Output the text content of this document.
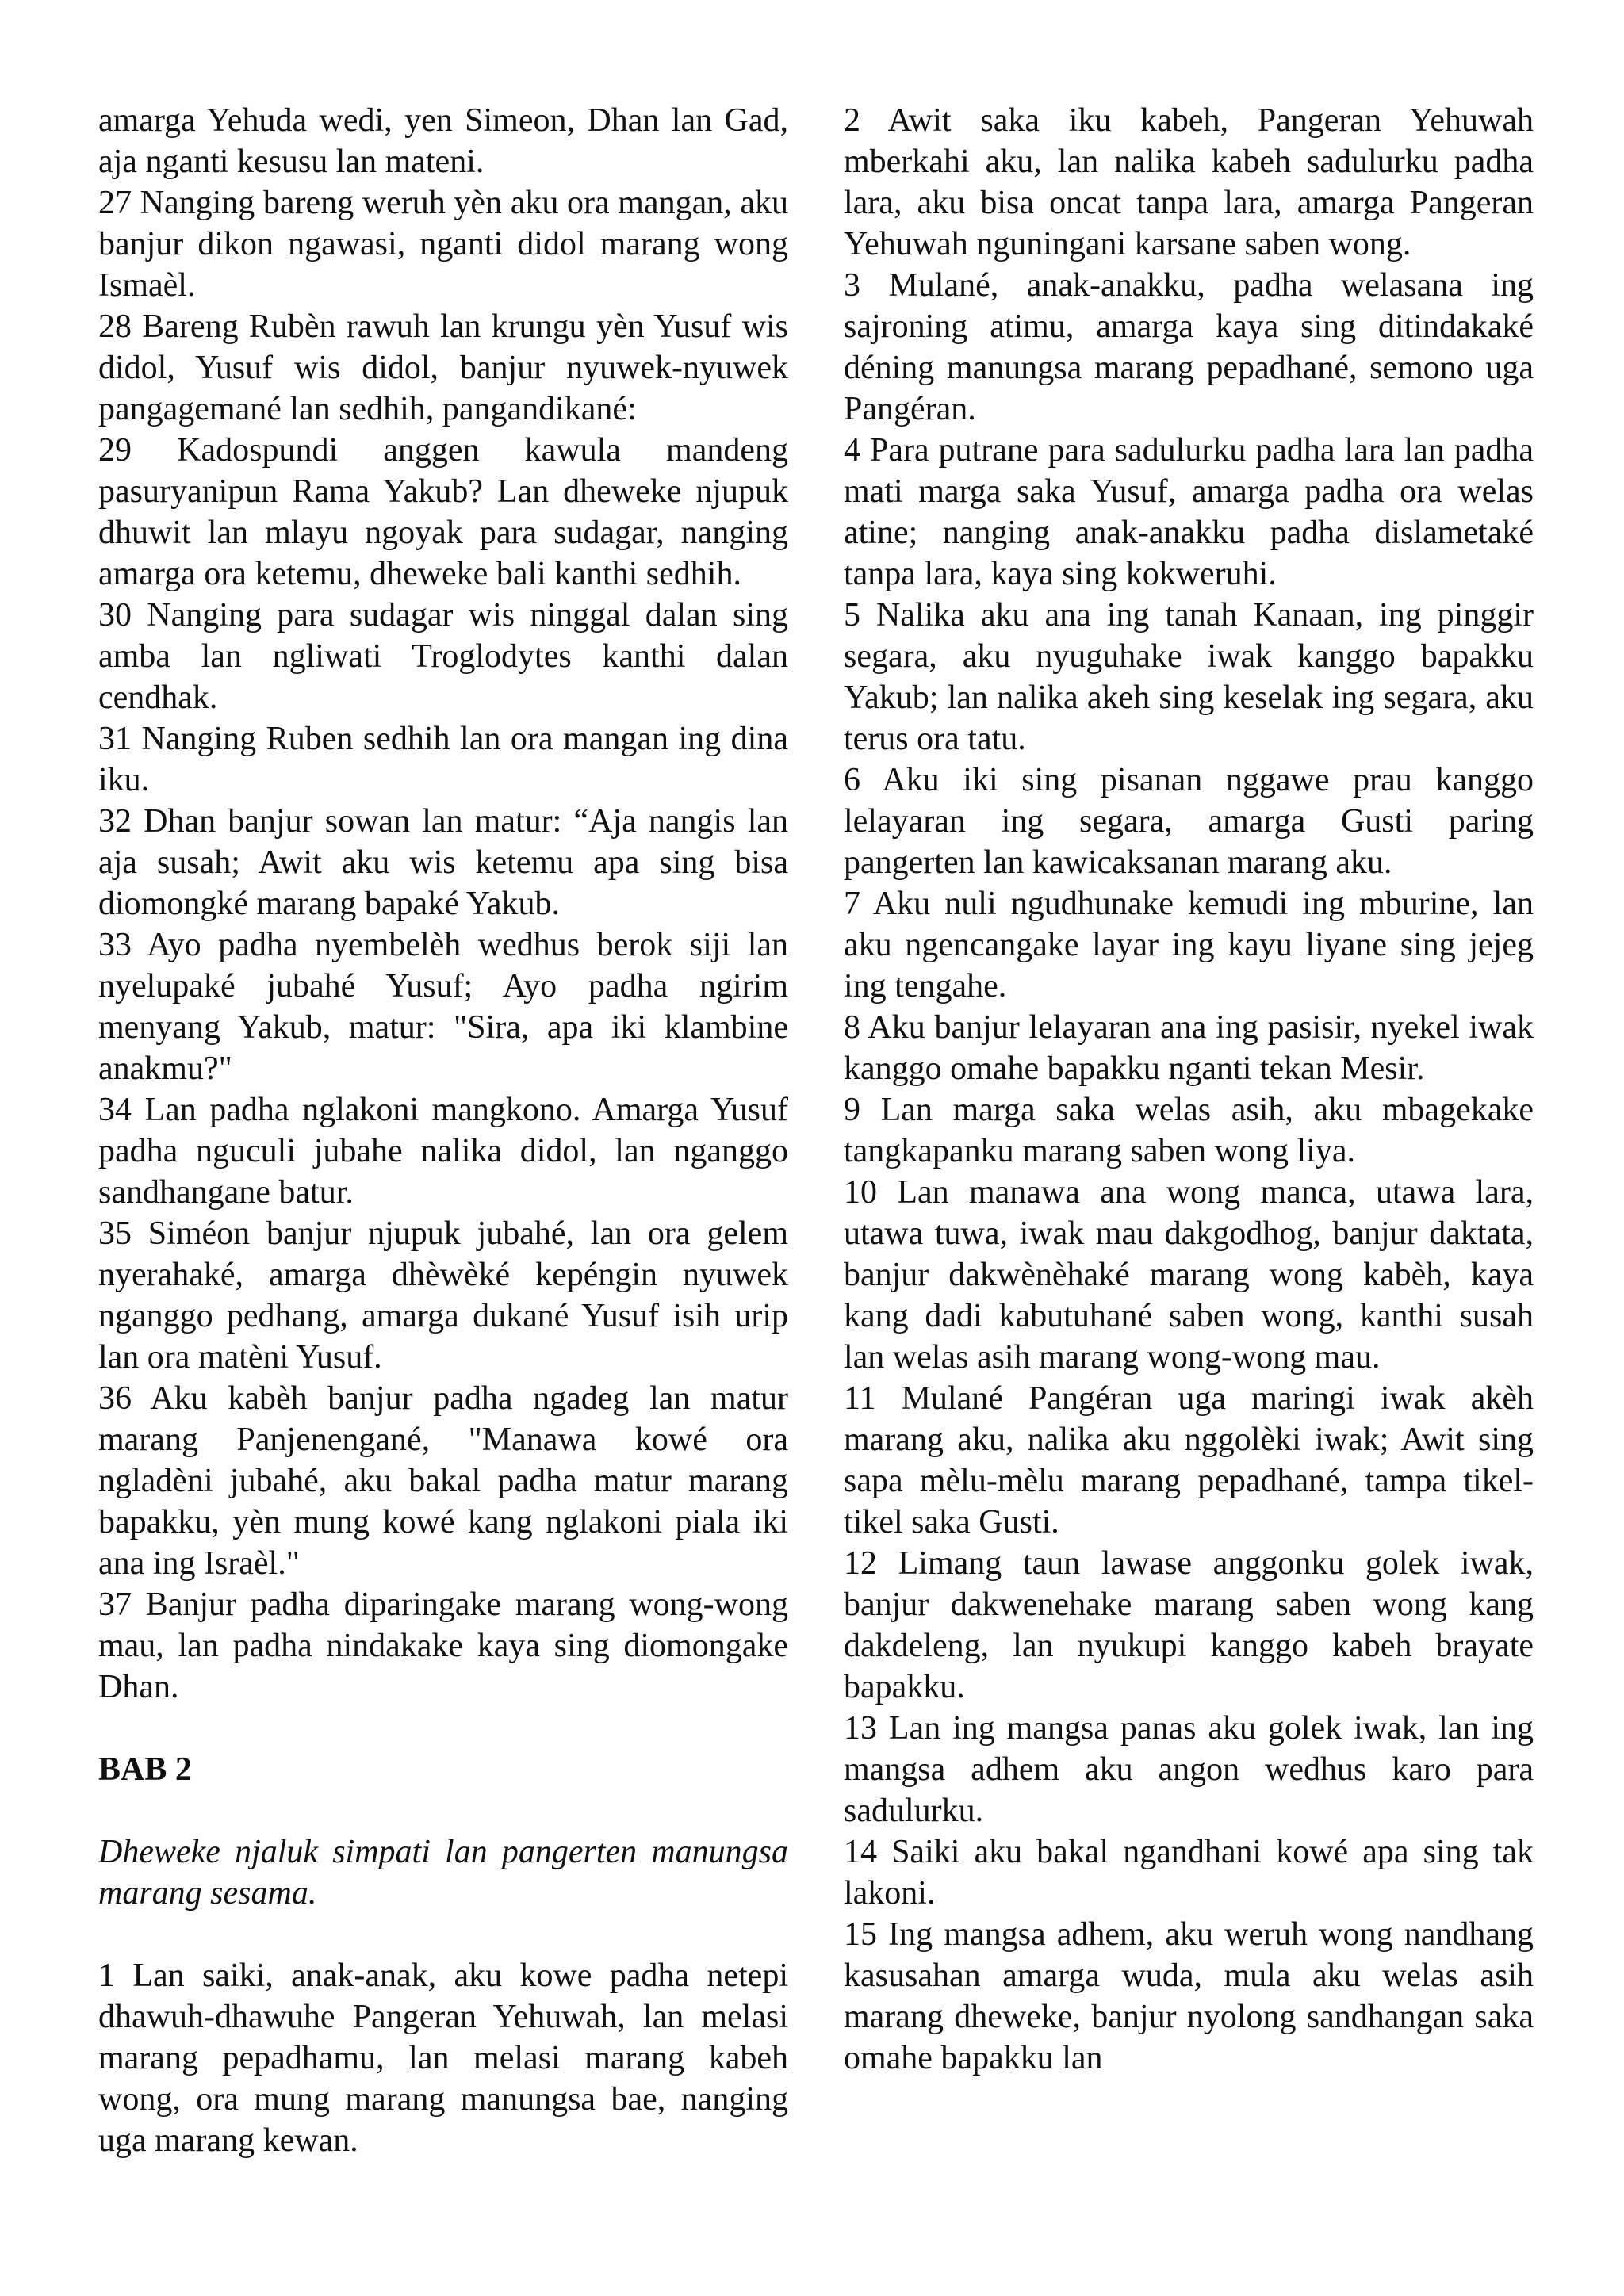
amarga Yehuda wedi, yen Simeon, Dhan lan Gad, aja nganti kesusu lan mateni.

27 Nanging bareng weruh yèn aku ora mangan, aku banjur dikon ngawasi, nganti didol marang wong Ismaèl.

28 Bareng Rubèn rawuh lan krungu yèn Yusuf wis didol, Yusuf wis didol, banjur nyuwek-nyuwek pangagemané lan sedhih, pangandikané:

29 Kadospundi anggen kawula mandeng pasuryanipun Rama Yakub? Lan dheweke njupuk dhuwit lan mlayu ngoyak para sudagar, nanging amarga ora ketemu, dheweke bali kanthi sedhih.

30 Nanging para sudagar wis ninggal dalan sing amba lan ngliwati Troglodytes kanthi dalan cendhak.

31 Nanging Ruben sedhih lan ora mangan ing dina iku.

32 Dhan banjur sowan lan matur: “Aja nangis lan aja susah; Awit aku wis ketemu apa sing bisa diomongké marang bapaké Yakub.

33 Ayo padha nyembelèh wedhus berok siji lan nyelupaké jubahé Yusuf; Ayo padha ngirim menyang Yakub, matur: "Sira, apa iki klambine anakmu?"

34 Lan padha nglakoni mangkono. Amarga Yusuf padha nguculi jubahe nalika didol, lan nganggo sandhangane batur.

35 Siméon banjur njupuk jubahé, lan ora gelem nyerahaké, amarga dhèwèké kepéngin nyuwek nganggo pedhang, amarga dukané Yusuf isih urip lan ora matèni Yusuf.

36 Aku kabèh banjur padha ngadeg lan matur marang Panjenengané, "Manawa kowé ora ngladèni jubahé, aku bakal padha matur marang bapakku, yèn mung kowé kang nglakoni piala iki ana ing Israèl."

37 Banjur padha diparingake marang wong-wong mau, lan padha nindakake kaya sing diomongake Dhan.

BAB 2

Dheweke njaluk simpati lan pangerten manungsa marang sesama.

1 Lan saiki, anak-anak, aku kowe padha netepi dhawuh-dhawuhe Pangeran Yehuwah, lan melasi marang pepadhamu, lan melasi marang kabeh wong, ora mung marang manungsa bae, nanging uga marang kewan.

2 Awit saka iku kabeh, Pangeran Yehuwah mberkahi aku, lan nalika kabeh sadulurku padha lara, aku bisa oncat tanpa lara, amarga Pangeran Yehuwah nguningani karsane saben wong.

3 Mulané, anak-anakku, padha welasana ing sajroning atimu, amarga kaya sing ditindakaké déning manungsa marang pepadhané, semono uga Pangéran.

4 Para putrane para sadulurku padha lara lan padha mati marga saka Yusuf, amarga padha ora welas atine; nanging anak-anakku padha dislametaké tanpa lara, kaya sing kokweruhi.

5 Nalika aku ana ing tanah Kanaan, ing pinggir segara, aku nyuguhake iwak kanggo bapakku Yakub; lan nalika akeh sing keselak ing segara, aku terus ora tatu.

6 Aku iki sing pisanan nggawe prau kanggo lelayaran ing segara, amarga Gusti paring pangerten lan kawicaksanan marang aku.

7 Aku nuli ngudhunake kemudi ing mburine, lan aku ngencangake layar ing kayu liyane sing jejeg ing tengahe.

8 Aku banjur lelayaran ana ing pasisir, nyekel iwak kanggo omahe bapakku nganti tekan Mesir.

9 Lan marga saka welas asih, aku mbagekake tangkapanku marang saben wong liya.

10 Lan manawa ana wong manca, utawa lara, utawa tuwa, iwak mau dakgodhog, banjur daktata, banjur dakwènèhaké marang wong kabèh, kaya kang dadi kabutuhané saben wong, kanthi susah lan welas asih marang wong-wong mau.

11 Mulané Pangéran uga maringi iwak akèh marang aku, nalika aku nggolèki iwak; Awit sing sapa mèlu-mèlu marang pepadhané, tampa tikel-tikel saka Gusti.

12 Limang taun lawase anggonku golek iwak, banjur dakwenehake marang saben wong kang dakdeleng, lan nyukupi kanggo kabeh brayate bapakku.

13 Lan ing mangsa panas aku golek iwak, lan ing mangsa adhem aku angon wedhus karo para sadulurku.

14 Saiki aku bakal ngandhani kowé apa sing tak lakoni.

15 Ing mangsa adhem, aku weruh wong nandhang kasusahan amarga wuda, mula aku welas asih marang dheweke, banjur nyolong sandhangan saka omahe bapakku lan
